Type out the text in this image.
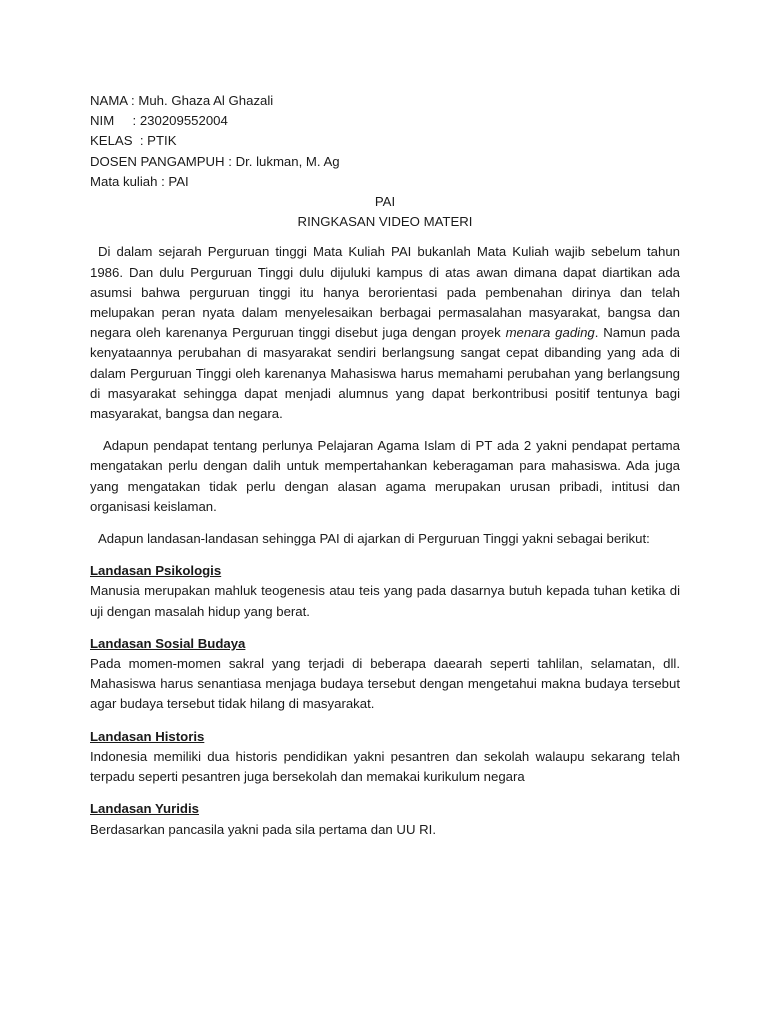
NAMA : Muh. Ghaza Al Ghazali

NIM     : 230209552004

KELAS  : PTIK

DOSEN PANGAMPUH : Dr. lukman, M. Ag

Mata kuliah : PAI

PAI

RINGKASAN VIDEO MATERI

Di dalam sejarah Perguruan tinggi Mata Kuliah PAI bukanlah Mata Kuliah wajib sebelum tahun 1986. Dan dulu Perguruan Tinggi dulu dijuluki kampus di atas awan dimana dapat diartikan ada asumsi bahwa perguruan tinggi itu hanya berorientasi pada pembenahan dirinya dan telah melupakan peran nyata dalam menyelesaikan berbagai permasalahan masyarakat, bangsa dan negara oleh karenanya Perguruan tinggi disebut juga dengan proyek menara gading. Namun pada kenyataannya perubahan di masyarakat sendiri berlangsung sangat cepat dibanding yang ada di dalam Perguruan Tinggi oleh karenanya Mahasiswa harus memahami perubahan yang berlangsung di masyarakat sehingga dapat menjadi alumnus yang dapat berkontribusi positif tentunya bagi masyarakat, bangsa dan negara.

Adapun pendapat tentang perlunya Pelajaran Agama Islam di PT ada 2 yakni pendapat pertama mengatakan perlu dengan dalih untuk mempertahankan keberagaman para mahasiswa. Ada juga yang mengatakan tidak perlu dengan alasan agama merupakan urusan pribadi, intitusi dan organisasi keislaman.

Adapun landasan-landasan sehingga PAI di ajarkan di Perguruan Tinggi yakni sebagai berikut:

Landasan Psikologis

Manusia merupakan mahluk teogenesis atau teis yang pada dasarnya butuh kepada tuhan ketika di uji dengan masalah hidup yang berat.

Landasan Sosial Budaya

Pada momen-momen sakral yang terjadi di beberapa daearah seperti tahlilan, selamatan, dll. Mahasiswa harus senantiasa menjaga budaya tersebut dengan mengetahui makna budaya tersebut agar budaya tersebut tidak hilang di masyarakat.

Landasan Historis

Indonesia memiliki dua historis pendidikan yakni pesantren dan sekolah walaupu sekarang telah terpadu seperti pesantren juga bersekolah dan memakai kurikulum negara

Landasan Yuridis

Berdasarkan pancasila yakni pada sila pertama dan UU RI.
